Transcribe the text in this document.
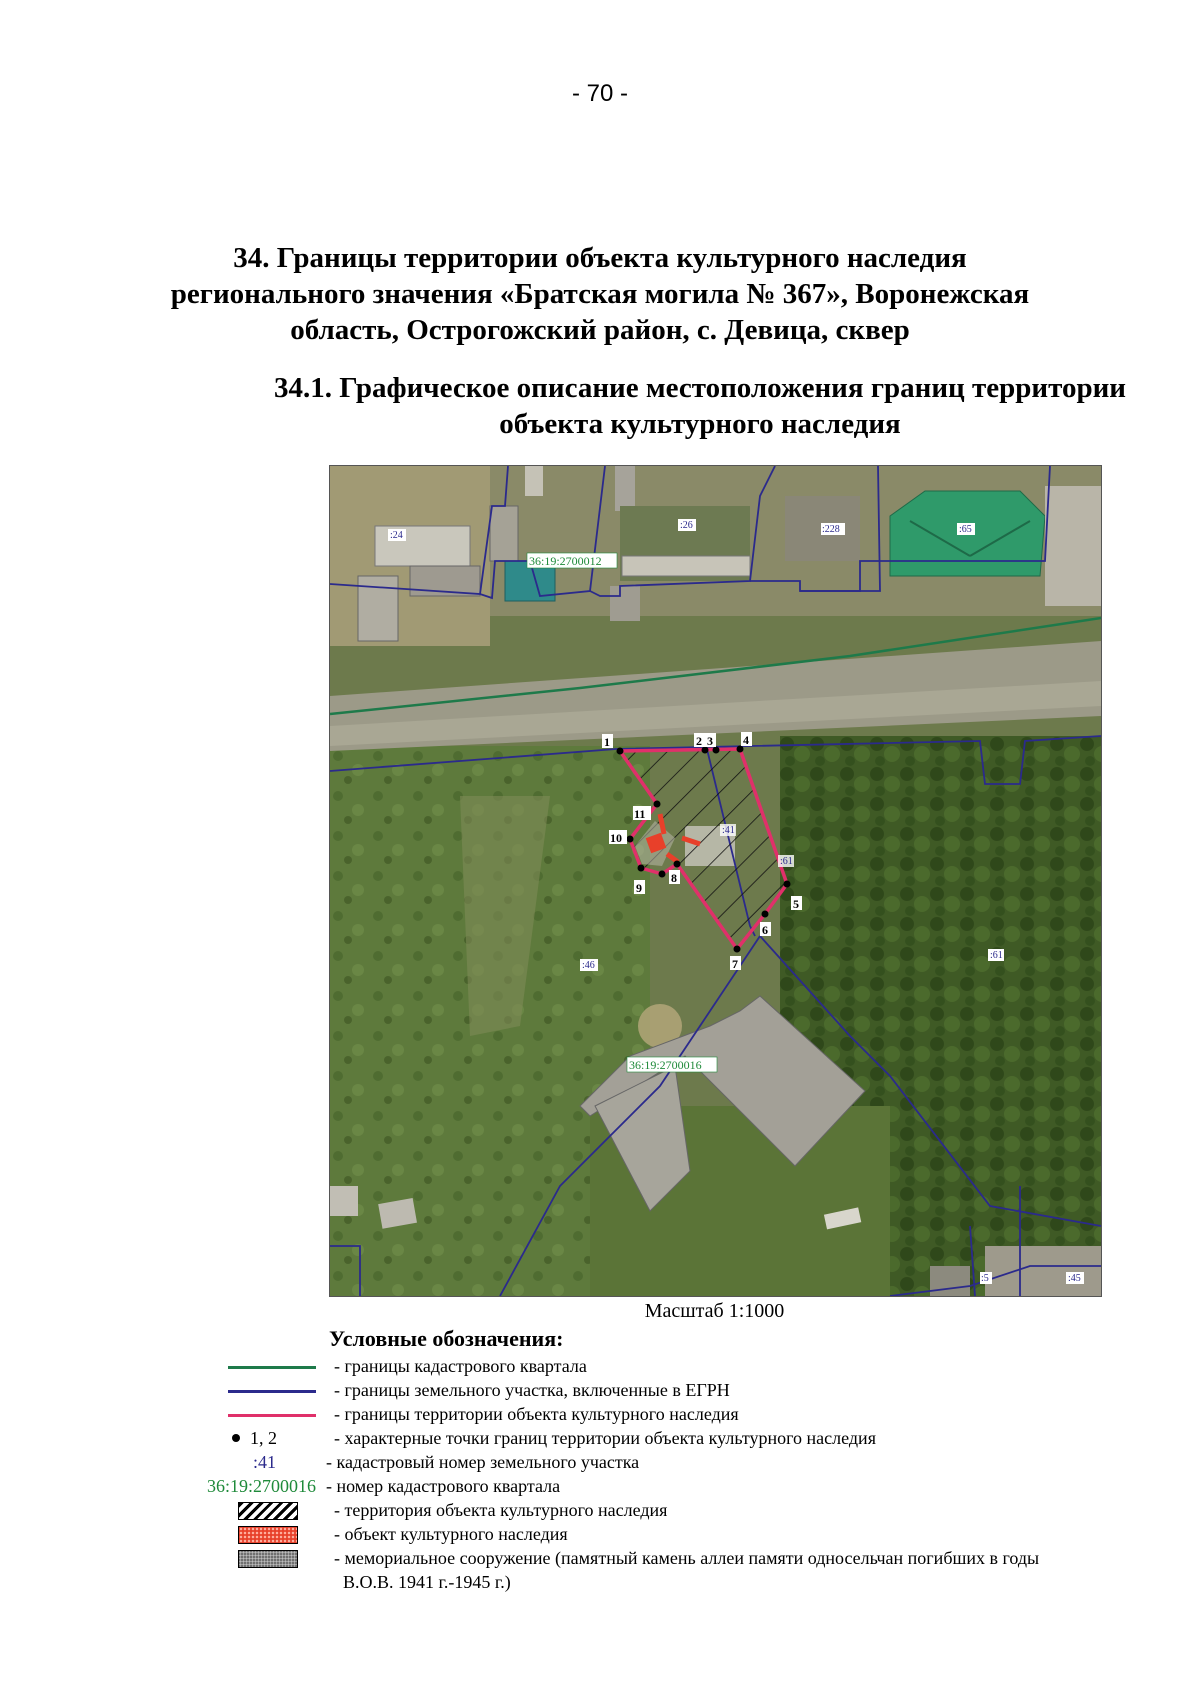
- 70 -
34. Границы территории объекта культурного наследия
регионального значения «Братская могила № 367», Воронежская
область, Острогожский район, с. Девица, сквер
34.1. Графическое описание местоположения границ территории
объекта культурного наследия
1	2 3	4
5
6
7
8
9
10
11
36:19:2700012
36:19:2700016
:24
:26	:228	:65
:41
:61
:46
:61
:5	:45
Масштаб 1:1000
Условные обозначения:
- границы кадастрового квартала
- границы земельного участка, включенные в ЕГРН
- границы территории объекта культурного наследия
1, 2	- характерные точки границ территории объекта культурного наследия
:41	- кадастровый номер земельного участка
36:19:2700016 - номер кадастрового квартала
- территория объекта культурного наследия
- объект культурного наследия
- мемориальное сооружение (памятный камень аллеи памяти односельчан погибших в годы
В.О.В. 1941 г.-1945 г.)
